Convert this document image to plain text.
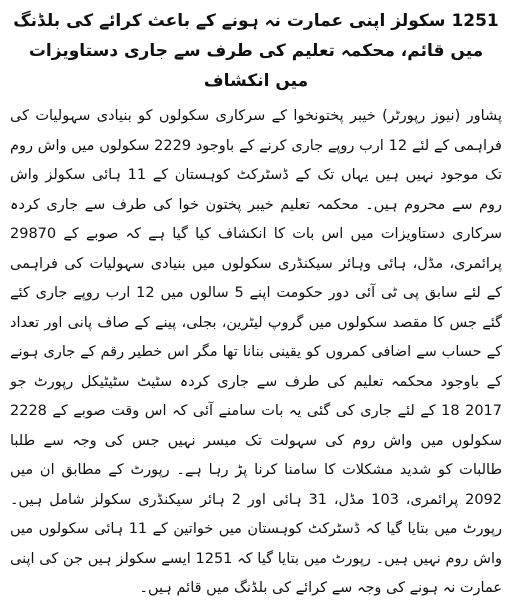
1251 سکولز اپنی عمارت نہ ہونے کے باعث کرائے کی بلڈنگ میں قائم، محکمہ تعلیم کی طرف سے جاری دستاویزات میں انکشاف

پشاور (نیوز رپورٹر) خیبر پختونخوا کے سرکاری سکولوں کو بنیادی سہولیات کی فراہمی کے لئے 12 ارب روپے جاری کرنے کے باوجود 2229 سکولوں میں واش روم تک موجود نہیں ہیں یہاں تک کے ڈسٹرکٹ کوہستان کے 11 ہائی سکولز واش روم سے محروم ہیں۔ محکمہ تعلیم خیبر پختون خوا کی طرف سے جاری کردہ سرکاری دستاویزات میں اس بات کا انکشاف کیا گیا ہے کہ صوبے کے 29870 پرائمری، مڈل، ہائی وہائر سیکنڈری سکولوں میں بنیادی سہولیات کی فراہمی کے لئے سابق پی ٹی آئی دور حکومت اپنے 5 سالوں میں 12 ارب روپے جاری کئے گئے جس کا مقصد سکولوں میں گروپ لیٹرین، بجلی، پینے کے صاف پانی اور تعداد کے حساب سے اضافی کمروں کو یقینی بنانا تھا مگر اس خطیر رقم کے جاری ہونے کے باوجود محکمہ تعلیم کی طرف سے جاری کردہ سٹیٹ سٹیٹیکل رپورٹ جو 2017 18 کے لئے جاری کی گئی یہ بات سامنے آئی کہ اس وقت صوبے کے 2228 سکولوں میں واش روم کی سہولت تک میسر نہیں جس کی وجہ سے طلبا طالبات کو شدید مشکلات کا سامنا کرنا پڑ رہا ہے۔ رپورٹ کے مطابق ان میں 2092 پرائمری، 103 مڈل، 31 ہائی اور 2 ہائر سیکنڈری سکولز شامل ہیں۔ رپورٹ میں بتایا گیا کہ ڈسٹرکٹ کوہستان میں خواتین کے 11 ہائی سکولوں میں واش روم نہیں ہیں۔ رپورٹ میں بتایا گیا کہ 1251 ایسے سکولز ہیں جن کی اپنی عمارت نہ ہونے کی وجہ سے کرائے کی بلڈنگ میں قائم ہیں۔
